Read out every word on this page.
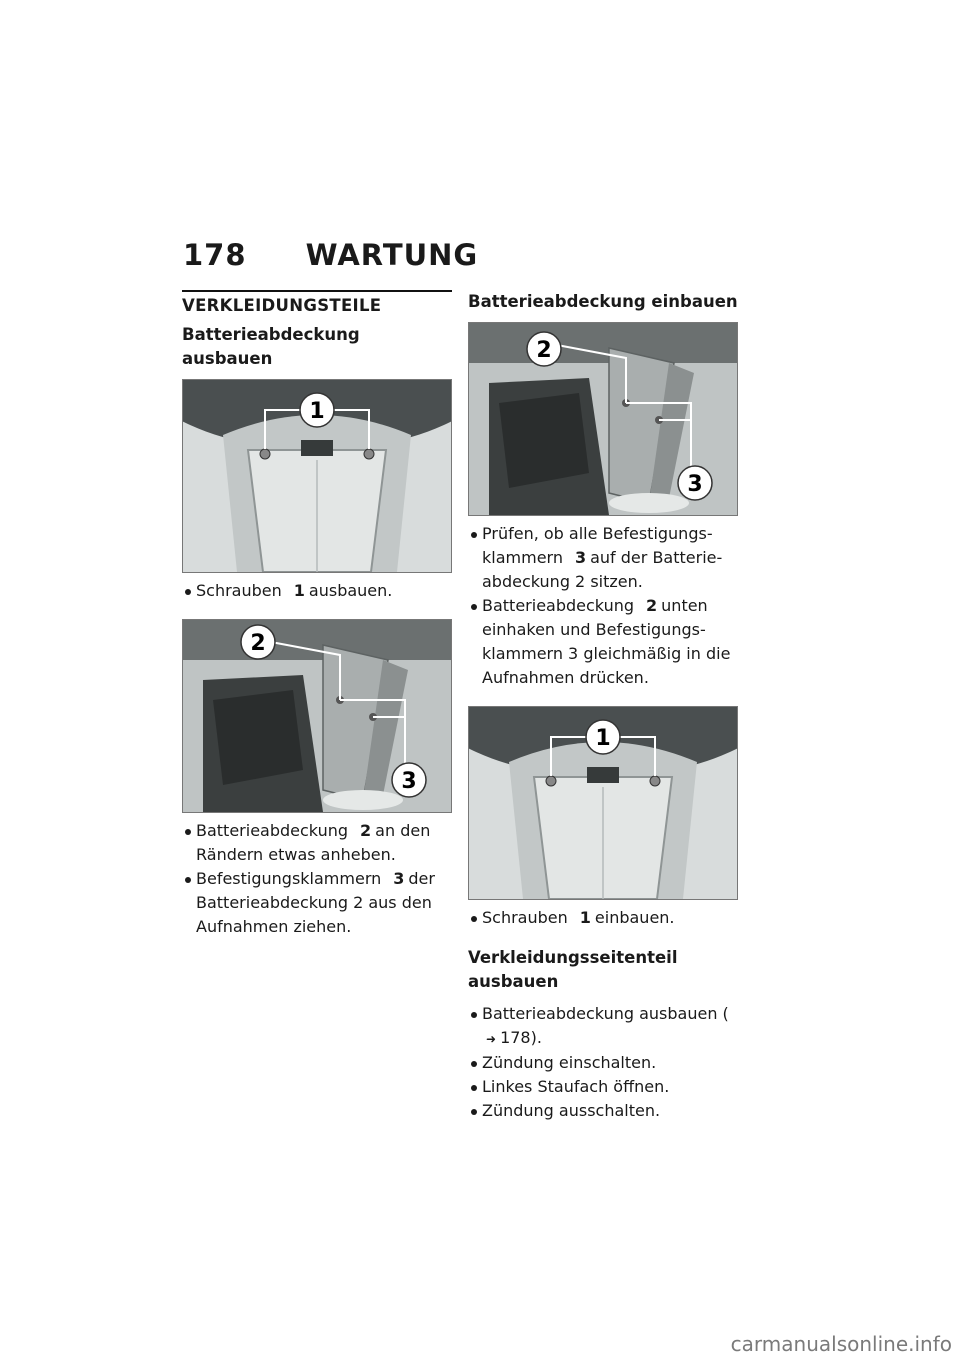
178 WARTUNG
VERKLEIDUNGSTEILE
Batterieabdeckung ausbauen
1
Schrauben 1 ausbauen.
2
3
Batterieabdeckung 2 an den Rändern etwas anheben.
Befestigungsklammern 3 der Batterieabdeckung 2 aus den Aufnahmen ziehen.
Batterieabdeckung einbauen
2
3
Prüfen, ob alle Befestigungs-klammern 3 auf der Batterie-abdeckung 2 sitzen.
Batterieabdeckung 2 unten einhaken und Befestigungs-klammern 3 gleichmäßig in die Aufnahmen drücken.
1
Schrauben 1 einbauen.
Verkleidungsseitenteil ausbauen
Batterieabdeckung ausbauen (➜ 178).
Zündung einschalten.
Linkes Staufach öffnen.
Zündung ausschalten.
carmanualsonline.info
